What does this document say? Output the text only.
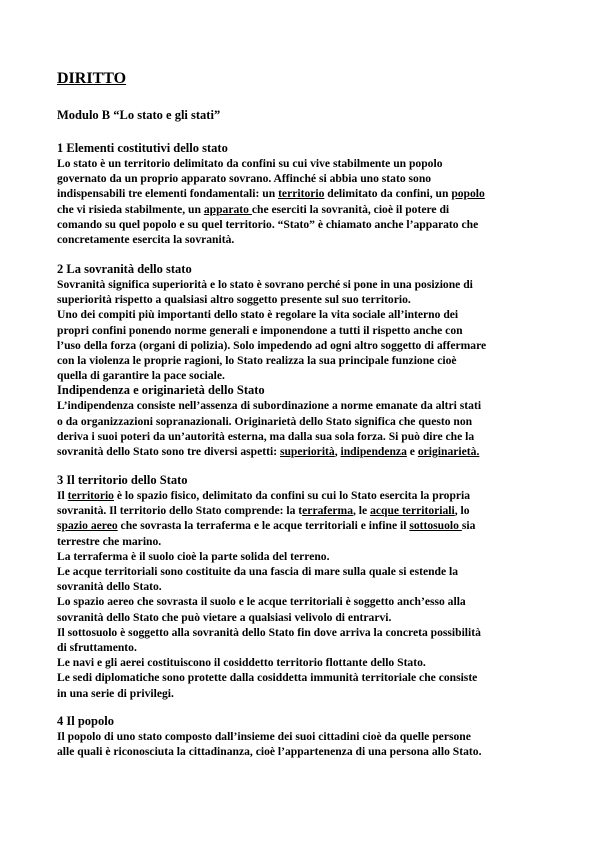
DIRITTO

Modulo B “Lo stato e gli stati”

1 Elementi costitutivi dello stato

Lo stato è un territorio delimitato da confini su cui vive stabilmente un popolo

governato da un proprio apparato sovrano. Affinché si abbia uno stato sono

indispensabili tre elementi fondamentali: un territorio delimitato da confini, un popolo

che vi risieda stabilmente, un apparato che eserciti la sovranità, cioè il potere di

comando su quel popolo e su quel territorio. “Stato” è chiamato anche l’apparato che

concretamente esercita la sovranità.

2 La sovranità dello stato

Sovranità significa superiorità e lo stato è sovrano perché si pone in una posizione di

superiorità rispetto a qualsiasi altro soggetto presente sul suo territorio.

Uno dei compiti più importanti dello stato è regolare la vita sociale all’interno dei

propri confini ponendo norme generali e imponendone a tutti il rispetto anche con

l’uso della forza (organi di polizia). Solo impedendo ad ogni altro soggetto di affermare

con la violenza le proprie ragioni, lo Stato realizza la sua principale funzione cioè

quella di garantire la pace sociale.

Indipendenza e originarietà dello Stato

L’indipendenza consiste nell’assenza di subordinazione a norme emanate da altri stati

o da organizzazioni sopranazionali. Originarietà dello Stato significa che questo non

deriva i suoi poteri da un’autorità esterna, ma dalla sua sola forza. Si può dire che la

sovranità dello Stato sono tre diversi aspetti: superiorità, indipendenza e originarietà.

3 Il territorio dello Stato

Il territorio è lo spazio fisico, delimitato da confini su cui lo Stato esercita la propria

sovranità. Il territorio dello Stato comprende: la terraferma, le acque territoriali, lo

spazio aereo che sovrasta la terraferma e le acque territoriali e infine il sottosuolo sia

terrestre che marino.

La terraferma è il suolo cioè la parte solida del terreno.

Le acque territoriali sono costituite da una fascia di mare sulla quale si estende la

sovranità dello Stato.

Lo spazio aereo che sovrasta il suolo e le acque territoriali è soggetto anch’esso alla

sovranità dello Stato che può vietare a qualsiasi velivolo di entrarvi.

Il sottosuolo è soggetto alla sovranità dello Stato fin dove arriva la concreta possibilità

di sfruttamento.

Le navi e gli aerei costituiscono il cosiddetto territorio flottante dello Stato.

Le sedi diplomatiche sono protette dalla cosiddetta immunità territoriale che consiste

in una serie di privilegi.

4 Il popolo

Il popolo di uno stato composto dall’insieme dei suoi cittadini cioè da quelle persone

alle quali è riconosciuta la cittadinanza, cioè l’appartenenza di una persona allo Stato.
